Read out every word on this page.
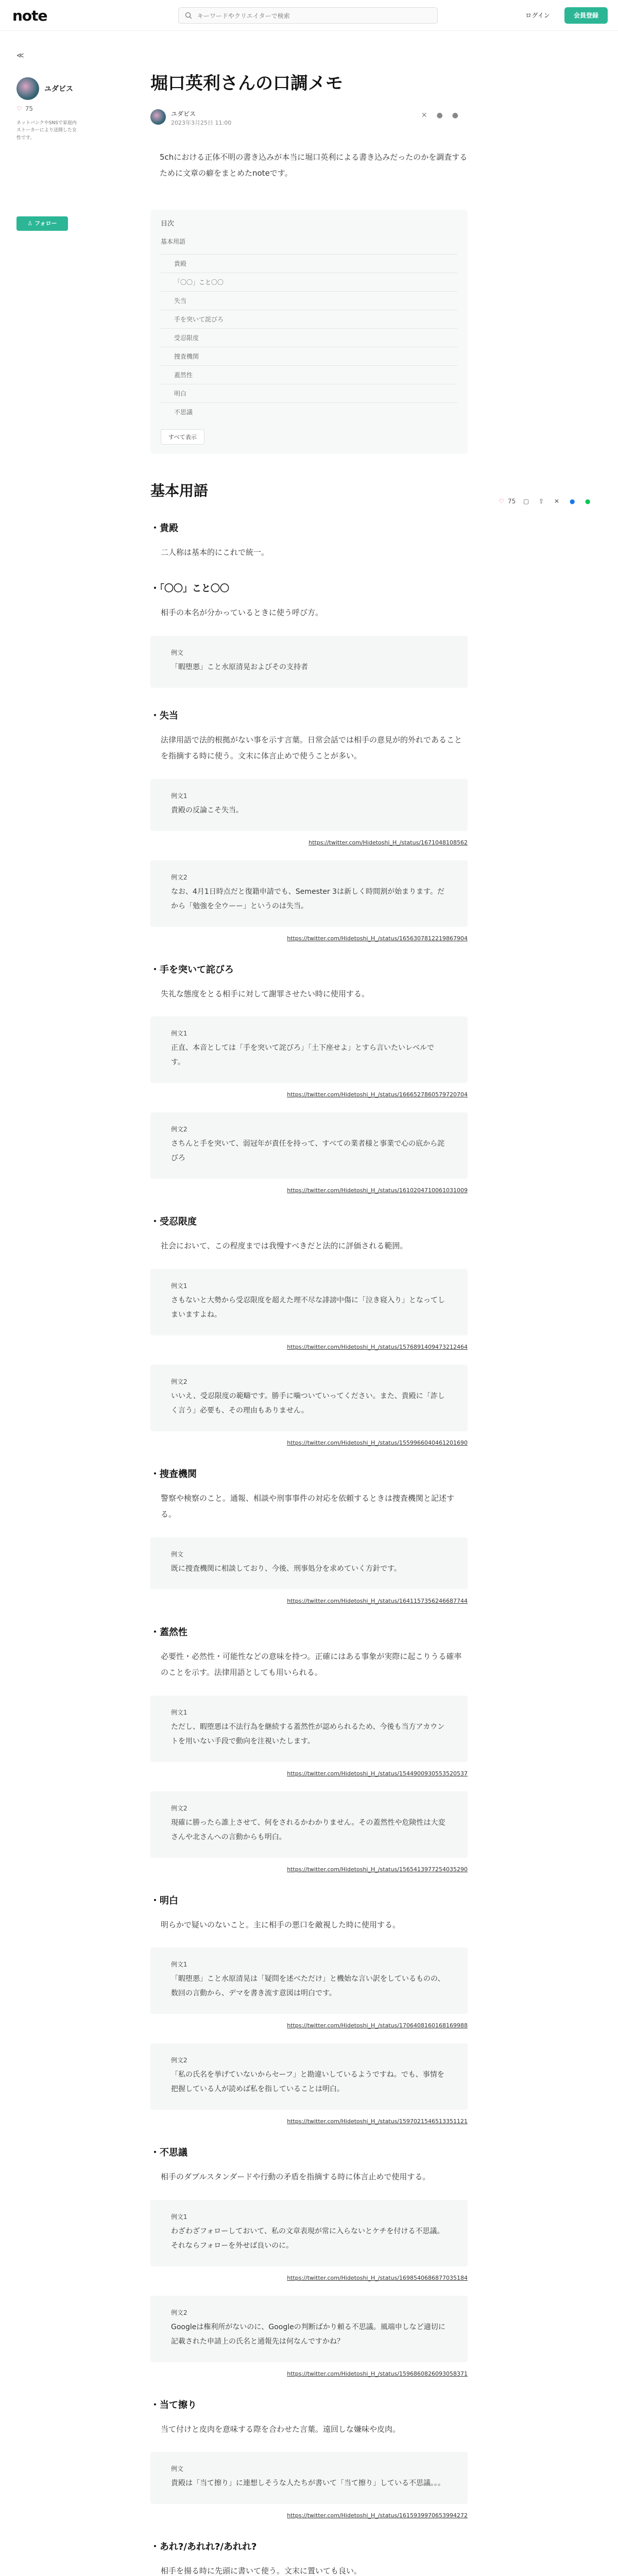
note
キーワードやクリエイターで検索	ログイン	会員登録
≪
ユダビス
♡ 75
ネットバンクやSNSで家庭内ストーカーにより送開した女性です。
♙ フォロー
♡ 75 ▢ ⇪ ✕ ● ●
堀口英利さんの口調メモ
ユダビス
2023年3月25日 11:00
✕●●

5chにおける正体不明の書き込みが本当に堀口英利による書き込みだったのかを調査するために文章の癖をまとめたnoteです。

目次
基本用語
貴殿
「〇〇」こと〇〇
失当
手を突いて詫びろ
受忍限度
捜査機関
蓋然性
明白
不思議
すべて表示
基本用語
・貴殿

二人称は基本的にこれで統一。

・「〇〇」こと〇〇

相手の本名が分かっているときに使う呼び方。

例文
「暇堕悪」こと水原清晃およびその支持者
・失当

法律用語で法的根拠がない事を示す言葉。日常会話では相手の意見が的外れであることを指摘する時に使う。文末に体言止めで使うことが多い。

例文1
貴殿の反論こそ失当。
https://twitter.com/Hidetoshi_H_/status/1671048108562
例文2
なお、4月1日時点だと復籍申請でも、Semester 3は新しく時間割が始まります。だから「勉強を全ウーー」というのは失当。
https://twitter.com/Hidetoshi_H_/status/1656307812219867904
・手を突いて詫びろ

失礼な態度をとる相手に対して謝罪させたい時に使用する。

例文1
正直、本音としては「手を突いて詫びろ」「土下座せよ」とすら言いたいレベルです。
https://twitter.com/Hidetoshi_H_/status/1666527860579720704
例文2
さちんと手を突いて、弱冠年が責任を持って、すべての業者様と事業で心の底から詫びろ
https://twitter.com/Hidetoshi_H_/status/1610204710061031009
・受忍限度

社会において、この程度までは我慢すべきだと法的に評価される範囲。

例文1
さもないと大勢から受忍限度を超えた理不尽な誹謗中傷に「泣き寝入り」となってしまいますよね。
https://twitter.com/Hidetoshi_H_/status/1576891409473212464
例文2
いいえ、受忍限度の範疇です。勝手に噛ついていってください。また、貴殿に「詐しく言う」必要も、その理由もありません。
https://twitter.com/Hidetoshi_H_/status/1559966040461201690
・捜査機関

警察や検察のこと。通報、相談や刑事事件の対応を依頼するときは捜査機関と記述する。

例文
既に捜査機関に相談しており、今後、刑事処分を求めていく方針です。
https://twitter.com/Hidetoshi_H_/status/1641157356246687744
・蓋然性

必要性・必然性・可能性などの意味を持つ。正確にはある事象が実際に起こりうる確率のことを示す。法律用語としても用いられる。

例文1
ただし、暇堕悪は不法行為を継続する蓋然性が認められるため、今後も当方アカウントを用いない手段で動向を注視いたします。
https://twitter.com/Hidetoshi_H_/status/1544900930553520537
例文2
現確に勝ったら誰上させて、何をされるかわかりません。その蓋然性や危険性は大変さんや北さんへの言動からも明白。
https://twitter.com/Hidetoshi_H_/status/1565413977254035290
・明白

明らかで疑いのないこと。主に相手の悪口を敵視した時に使用する。

例文1
「暇堕悪」こと水原清晃は「疑問を述べただけ」と機始な言い訳をしているものの、数回の言動から、デマを書き流す意図は明白です。
https://twitter.com/Hidetoshi_H_/status/1706408160168169988
例文2
「私の氏名を挙げていないからセーフ」と勘違いしているようですね。でも、事情を把握している人が読めば私を指していることは明白。
https://twitter.com/Hidetoshi_H_/status/1597021546513351121
・不思議

相手のダブルスタンダードや行動の矛盾を指摘する時に体言止めで使用する。

例文1
わざわざフォローしておいて、私の文章表現が常に入らないとケチを付ける不思議。それならフォローを外せば良いのに。
https://twitter.com/Hidetoshi_H_/status/1698540686877035184
例文2
Googleは権利所がないのに、Googleの判断ばかり頼る不思議。風端申しなど適切に記載された申請上の氏名と通報先は何なんですかね？
https://twitter.com/Hidetoshi_H_/status/1596860826093058371
・当て擦り

当て付けと皮肉を意味する際を合わせた言葉。遠回しな嫌味や皮肉。

例文
貴殿は「当て擦り」に連想しそうな人たちが書いて「当て擦り」している不思議。。。
https://twitter.com/Hidetoshi_H_/status/1615939970653994272
・あれ?/あれれ?/あれれ?

相手を揚る時に先頭に書いて使う。文末に置いても良い。
